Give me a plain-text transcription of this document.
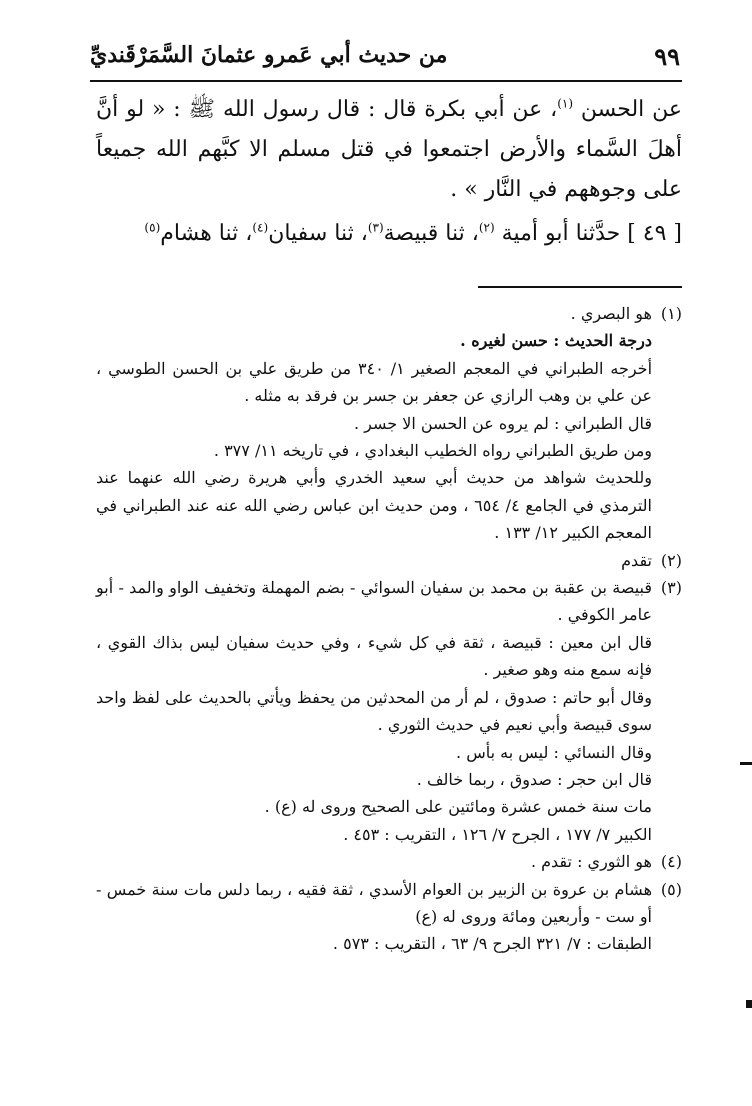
٩٩
من حديث أبي عَمرو عثمانَ السَّمَرْقَنديِّ

عن الحسن $^{(١)}$، عن أبي بكرة قال : قال رسول الله ﷺ : « لو أنَّ أهلَ السَّماء والأرض اجتمعوا في قتل مسلم الا كبَّهم الله جميعاً على وجوههم في النَّار » .

[ ٤٩ ] حدَّثنا أبو أمية $^{(٢)}$، ثنا قبيصة$^{(٣)}$، ثنا سفيان$^{(٤)}$، ثنا هشام$^{(٥)}$

(١)هو البصري .

درجة الحديث : حسن لغيره .

أخرجه الطبراني في المعجم الصغير ١/ ٣٤٠ من طريق علي بن الحسن الطوسي ، عن علي بن وهب الرازي عن جعفر بن جسر بن فرقد به مثله .

قال الطبراني : لم يروه عن الحسن الا جسر .

ومن طريق الطبراني رواه الخطيب البغدادي ، في تاريخه ١١/ ٣٧٧ .

وللحديث شواهد من حديث أبي سعيد الخدري وأبي هريرة رضي الله عنهما عند الترمذي في الجامع ٤/ ٦٥٤ ، ومن حديث ابن عباس رضي الله عنه عند الطبراني في المعجم الكبير ١٢/ ١٣٣ .

(٢)تقدم
(٣)
قبيصة بن عقبة بن محمد بن سفيان السوائي - بضم المهملة وتخفيف الواو والمد - أبو عامر الكوفي .

قال ابن معين : قبيصة ، ثقة في كل شيء ، وفي حديث سفيان ليس بذاك القوي ، فإنه سمع منه وهو صغير .

وقال أبو حاتم : صدوق ، لم أر من المحدثين من يحفظ ويأتي بالحديث على لفظ واحد سوى قبيصة وأبي نعيم في حديث الثوري .

وقال النسائي : ليس به بأس .

قال ابن حجر : صدوق ، ربما خالف .

مات سنة خمس عشرة ومائتين على الصحيح وروى له (ع) .

الكبير ٧/ ١٧٧ ، الجرح ٧/ ١٢٦ ، التقريب : ٤٥٣ .

(٤)هو الثوري : تقدم .
(٥)
هشام بن عروة بن الزبير بن العوام الأسدي ، ثقة فقيه ، ربما دلس مات سنة خمس - أو ست - وأربعين ومائة وروى له (ع)

الطبقات : ٧/ ٣٢١ الجرح ٩/ ٦٣ ، التقريب : ٥٧٣ .
